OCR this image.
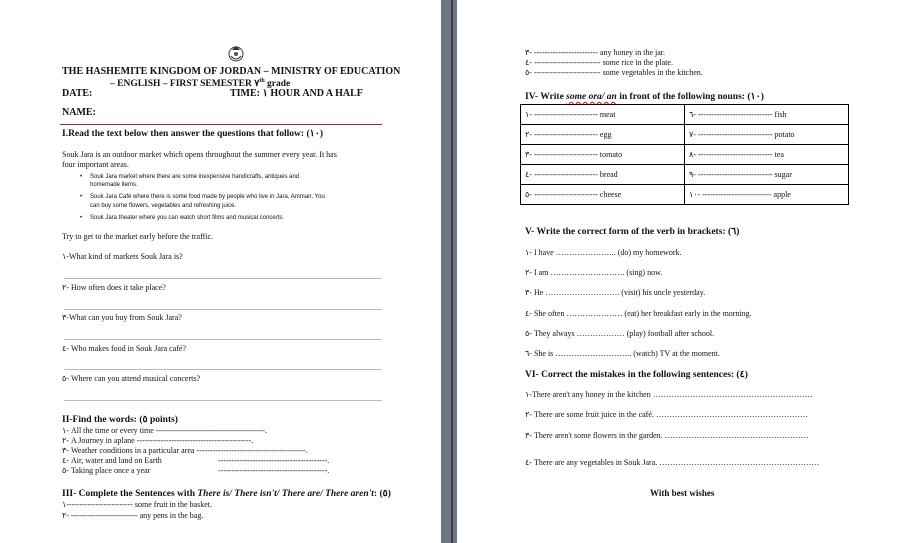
THE HASHEMITE KINGDOM OF JORDAN – MINISTRY OF EDUCATION
– ENGLISH – FIRST SEMESTER ٧th grade
DATE:	TIME: ١ HOUR AND A HALF
NAME:
I.Read the text below then answer the questions that follow: (١٠)
Souk Jara is an outdoor market which opens throughout the summer every year. It has
four important areas.
• Souk Jara market where there are some inexpensive handicrafts, antiques and
homemade items.
• Souk Jara Café where there is some food made by people who live in Jara, Amman. You
can buy some flowers, vegetables and refreshing juice.
• Souk Jara theater where you can watch short films and musical concerts.
Try to get to the market early before the traffic.
١-What kind of markets Souk Jara is?
٢- How often does it take place?
٣-What can you buy from Souk Jara?
٤- Who makes food in Souk Jara café?
٥- Where can you attend musical concerts?
II-Find the words: (٥ points)
١- All the time or every time -----------------------------------------.
٢- A Journey in aplane -------------------------------------------.
٣- Weather conditions in a particular area -----------------------------------------.
٤- Air, water and land on Earth	-----------------------------------------.
٥- Taking place once a year	-----------------------------------------.
III- Complete the Sentences with There is/ There isn't/ There are/ There aren't: (٥)
١------------------------- some fruit in the basket.
٢- ------------------------- any pens in the bag.
٣- ------------------------ any honey in the jar.
٤- ------------------------- some rice in the plate.
٥- ------------------------- some vegetables in the kitchen.
IV- Write some ora/ an in front of the following nouns: (١٠)
١- ------------------------ meat	٦- ---------------------------- fish
٢- ------------------------ egg	٧- ---------------------------- potato
٣- ------------------------ tomato	٨- ---------------------------- tea
٤- ------------------------ bread	٩- ---------------------------- sugar
٥- ------------------------ cheese	١٠- -------------------------- apple
V- Write the correct form of the verb in brackets: (٦)
١- I have ………………….. (do) my homework.
٢- I am ………………………. (sing) now.
٣- He ………………………. (visit) his uncle yesterday.
٤- She often ………………… (eat) her breakfast early in the morning.
٥- They always ……………… (play) football after school.
٦- She is ……………………….. (watch) TV at the moment.
VI- Correct the mistakes in the following sentences: (٤)
١-There aren't any honey in the kitchen ……………………………………………………
٢- There are some fruit juice in the café. …………………………………………………
٣- There aren't some flowers in the garden. ………………………………………………
٤- There are any vegetables in Souk Jara. ……………………………………………………
With best wishes
